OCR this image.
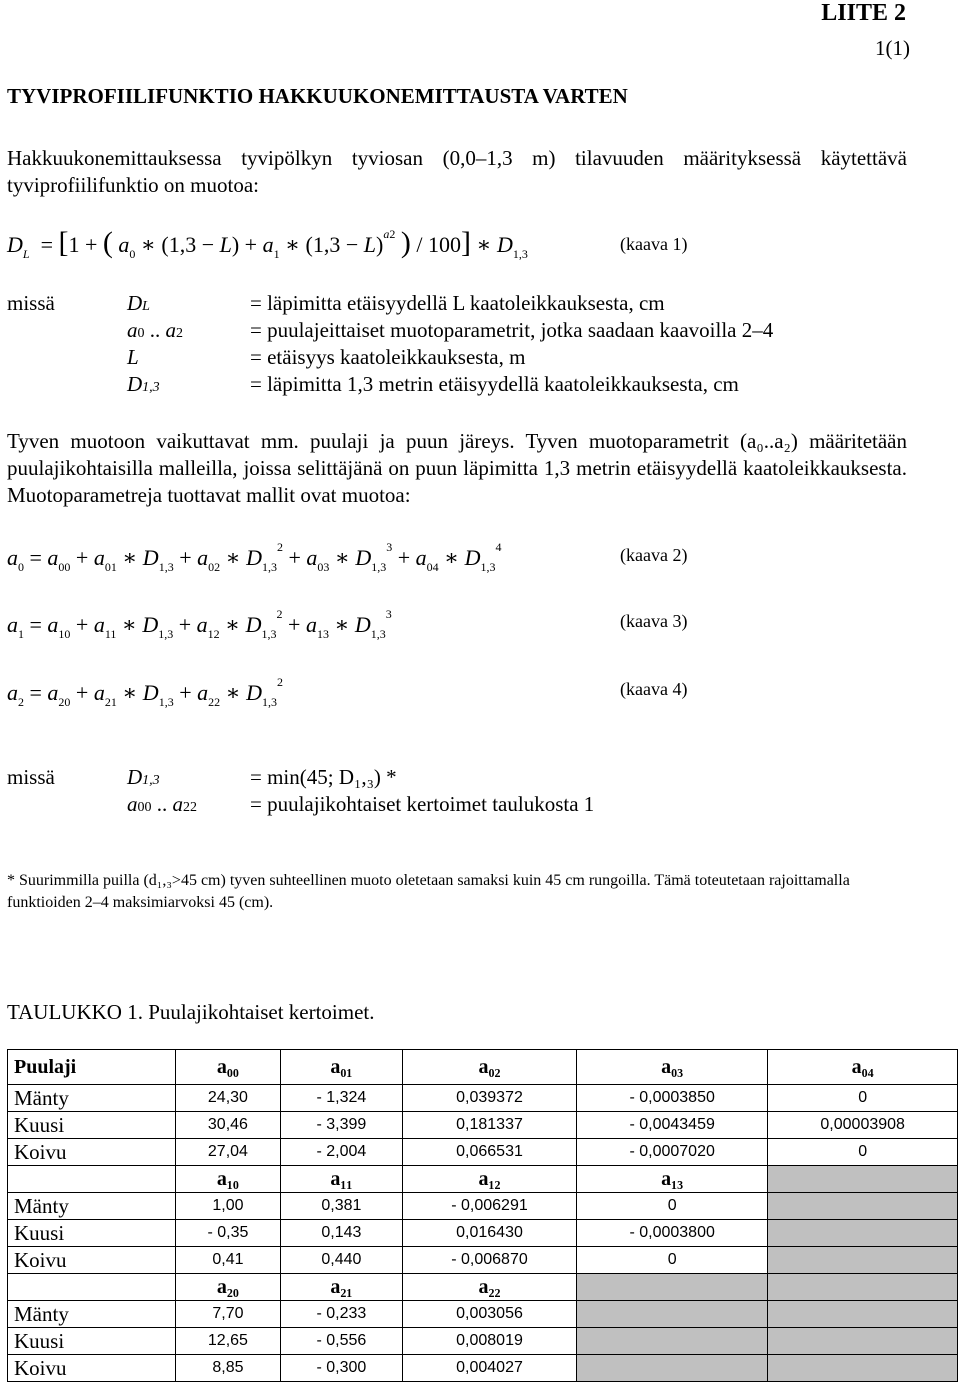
LIITE 2
1(1)
TYVIPROFIILIFUNKTIO HAKKUUKONEMITTAUSTA VARTEN
Hakkuukonemittauksessa tyvipölkyn tyviosan (0,0–1,3 m) tilavuuden määrityksessä käytettävä tyviprofiilifunktio on muotoa:
$D_L = [1$ + ( $a_0$ ∗ $(1,3 - L) + a_1$ ∗ $(1,3 - L)^{a2}$ ) / 100] ∗ $D_{1,3}$	(kaava 1)
missä	DL	= läpimitta etäisyydellä L kaatoleikkauksesta, cm
a0 .. a2	= puulajeittaiset muotoparametrit, jotka saadaan kaavoilla 2–4
L	= etäisyys kaatoleikkauksesta, m
D1,3	= läpimitta 1,3 metrin etäisyydellä kaatoleikkauksesta, cm
Tyven muotoon vaikuttavat mm. puulaji ja puun järeys. Tyven muotoparametrit (a₀..a₂) määritetään puulajikohtaisilla malleilla, joissa selittäjänä on puun läpimitta 1,3 metrin etäisyydellä kaatoleikkauksesta. Muotoparametreja tuottavat mallit ovat muotoa:
$a_0 = a_{00} + a_{01}$ ∗ $D_{1,3} + a_{02}$ ∗ $D_{1,3}^2 + a_{03}$ ∗ $D_{1,3}^3 + a_{04}$ ∗ $D_{1,3}^4$	(kaava 2)
$a_1 = a_{10} + a_{11}$ ∗ $D_{1,3} + a_{12}$ ∗ $D_{1,3}^2 + a_{13}$ ∗ $D_{1,3}^3$	(kaava 3)
$a_2 = a_{20} + a_{21}$ ∗ $D_{1,3} + a_{22}$ ∗ $D_{1,3}^2$	(kaava 4)
missä	D1,3	= min(45; D₁,₃) *
a00 .. a22	= puulajikohtaiset kertoimet taulukosta 1
* Suurimmilla puilla (d₁,₃>45 cm) tyven suhteellinen muoto oletetaan samaksi kuin 45 cm rungoilla. Tämä toteutetaan rajoittamalla funktioiden 2–4 maksimiarvoksi 45 (cm).
TAULUKKO 1. Puulajikohtaiset kertoimet.
Puulaji	a₀₀	a₀₁	a₀₂	a₀₃	a₀₄
Mänty	24,30	- 1,324	0,039372	- 0,0003850	0
Kuusi	30,46	- 3,399	0,181337	- 0,0043459	0,00003908
Koivu	27,04	- 2,004	0,066531	- 0,0007020	0
	a₁₀	a₁₁	a₁₂	a₁₃	
Mänty	1,00	0,381	- 0,006291	0	
Kuusi	- 0,35	0,143	0,016430	- 0,0003800	
Koivu	0,41	0,440	- 0,006870	0	
	a₂₀	a₂₁	a₂₂		
Mänty	7,70	- 0,233	0,003056		
Kuusi	12,65	- 0,556	0,008019		
Koivu	8,85	- 0,300	0,004027		
